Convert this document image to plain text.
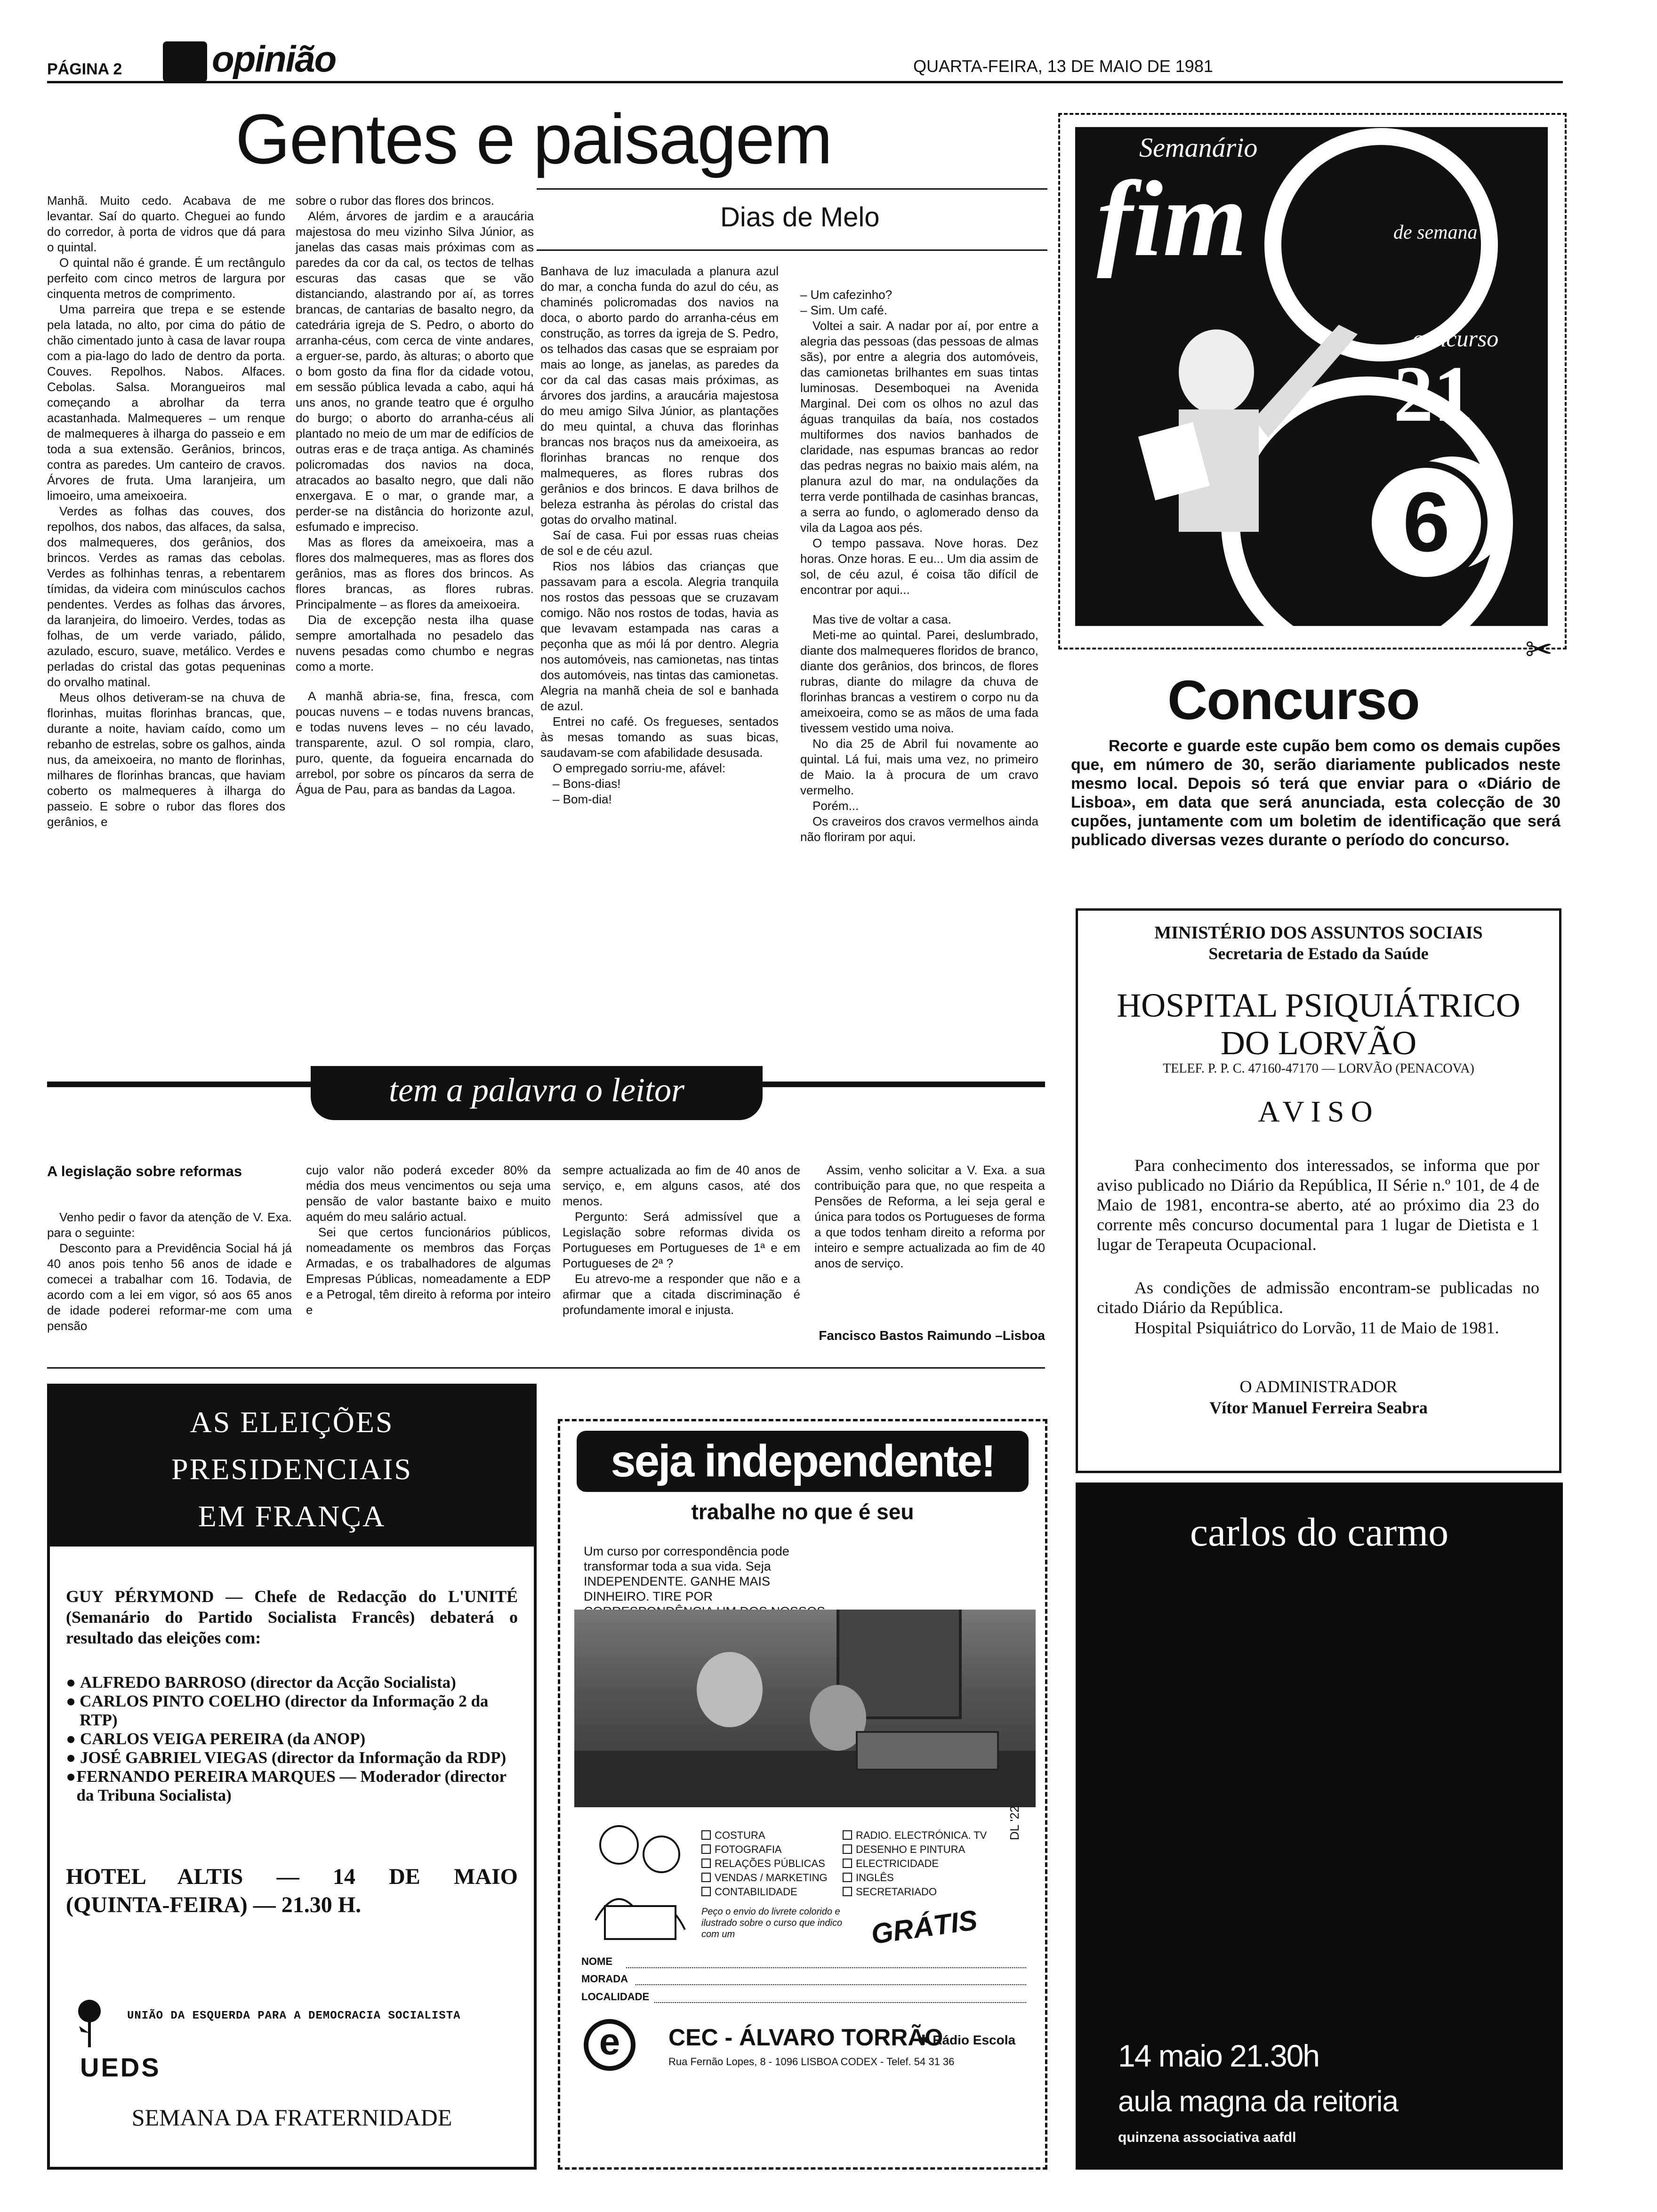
PÁGINA 2 opinião	QUARTA-FEIRA, 13 DE MAIO DE 1981
Gentes e paisagem
Dias de Melo

Manhã. Muito cedo. Acabava de me levantar. Saí do quarto. Cheguei ao fundo do corredor, à porta de vidros que dá para o quintal.

O quintal não é grande. É um rectângulo perfeito com cinco metros de largura por cinquenta metros de comprimento.

Uma parreira que trepa e se estende pela latada, no alto, por cima do pátio de chão cimentado junto à casa de lavar roupa com a pia-lago do lado de dentro da porta. Couves. Repolhos. Nabos. Alfaces. Cebolas. Salsa. Morangueiros mal começando a abrolhar da terra acastanhada. Malmequeres – um renque de malmequeres à ilharga do passeio e em toda a sua extensão. Gerânios, brincos, contra as paredes. Um canteiro de cravos. Árvores de fruta. Uma laranjeira, um limoeiro, uma ameixoeira.

Verdes as folhas das couves, dos repolhos, dos nabos, das alfaces, da salsa, dos malmequeres, dos gerânios, dos brincos. Verdes as ramas das cebolas. Verdes as folhinhas tenras, a rebentarem tímidas, da videira com minúsculos cachos pendentes. Verdes as folhas das árvores, da laranjeira, do limoeiro. Verdes, todas as folhas, de um verde variado, pálido, azulado, escuro, suave, metálico. Verdes e perladas do cristal das gotas pequeninas do orvalho matinal.

Meus olhos detiveram-se na chuva de florinhas, muitas florinhas brancas, que, durante a noite, haviam caído, como um rebanho de estrelas, sobre os galhos, ainda nus, da ameixoeira, no manto de florinhas, milhares de florinhas brancas, que haviam coberto os malmequeres à ilharga do passeio. E sobre o rubor das flores dos gerânios, e

sobre o rubor das flores dos brincos.

Além, árvores de jardim e a araucária majestosa do meu vizinho Silva Júnior, as janelas das casas mais próximas com as paredes da cor da cal, os tectos de telhas escuras das casas que se vão distanciando, alastrando por aí, as torres brancas, de cantarias de basalto negro, da catedrária igreja de S. Pedro, o aborto do arranha-céus, com cerca de vinte andares, a erguer-se, pardo, às alturas; o aborto que o bom gosto da fina flor da cidade votou, em sessão pública levada a cabo, aqui há uns anos, no grande teatro que é orgulho do burgo; o aborto do arranha-céus ali plantado no meio de um mar de edifícios de outras eras e de traça antiga. As chaminés policromadas dos navios na doca, atracados ao basalto negro, que dali não enxergava. E o mar, o grande mar, a perder-se na distância do horizonte azul, esfumado e impreciso.

Mas as flores da ameixoeira, mas a flores dos malmequeres, mas as flores dos gerânios, mas as flores dos brincos. As flores brancas, as flores rubras. Principalmente – as flores da ameixoeira.

Dia de excepção nesta ilha quase sempre amortalhada no pesadelo das nuvens pesadas como chumbo e negras como a morte.

A manhã abria-se, fina, fresca, com poucas nuvens – e todas nuvens brancas, e todas nuvens leves – no céu lavado, transparente, azul. O sol rompia, claro, puro, quente, da fogueira encarnada do arrebol, por sobre os píncaros da serra de Água de Pau, para as bandas da Lagoa.

Banhava de luz imaculada a planura azul do mar, a concha funda do azul do céu, as chaminés policromadas dos navios na doca, o aborto pardo do arranha-céus em construção, as torres da igreja de S. Pedro, os telhados das casas que se espraiam por mais ao longe, as janelas, as paredes da cor da cal das casas mais próximas, as árvores dos jardins, a araucária majestosa do meu amigo Silva Júnior, as plantações do meu quintal, a chuva das florinhas brancas nos braços nus da ameixoeira, as florinhas brancas no renque dos malmequeres, as flores rubras dos gerânios e dos brincos. E dava brilhos de beleza estranha às pérolas do cristal das gotas do orvalho matinal.

Saí de casa. Fui por essas ruas cheias de sol e de céu azul.

Rios nos lábios das crianças que passavam para a escola. Alegria tranquila nos rostos das pessoas que se cruzavam comigo. Não nos rostos de todas, havia as que levavam estampada nas caras a peçonha que as mói lá por dentro. Alegria nos automóveis, nas camionetas, nas tintas dos automóveis, nas tintas das camionetas. Alegria na manhã cheia de sol e banhada de azul.

Entrei no café. Os fregueses, sentados às mesas tomando as suas bicas, saudavam-se com afabilidade desusada.

O empregado sorriu-me, afável:

– Bons-dias!

– Bom-dia!

– Um cafezinho?

– Sim. Um café.

Voltei a sair. A nadar por aí, por entre a alegria das pessoas (das pessoas de almas sãs), por entre a alegria dos automóveis, das camionetas brilhantes em suas tintas luminosas. Desemboquei na Avenida Marginal. Dei com os olhos no azul das águas tranquilas da baía, nos costados multiformes dos navios banhados de claridade, nas espumas brancas ao redor das pedras negras no baixio mais além, na planura azul do mar, na ondulações da terra verde pontilhada de casinhas brancas, a serra ao fundo, o aglomerado denso da vila da Lagoa aos pés.

O tempo passava. Nove horas. Dez horas. Onze horas. E eu... Um dia assim de sol, de céu azul, é coisa tão difícil de encontrar por aqui...

Mas tive de voltar a casa.

Meti-me ao quintal. Parei, deslumbrado, diante dos malmequeres floridos de branco, diante dos gerânios, dos brincos, de flores rubras, diante do milagre da chuva de florinhas brancas a vestirem o corpo nu da ameixoeira, como se as mãos de uma fada tivessem vestido uma noiva.

No dia 25 de Abril fui novamente ao quintal. Lá fui, mais uma vez, no primeiro de Maio. Ia à procura de um cravo vermelho.

Porém...

Os craveiros dos cravos vermelhos ainda não floriram por aqui.

tem a palavra o leitor
A legislação sobre reformas

Venho pedir o favor da atenção de V. Exa. para o seguinte:

Desconto para a Previdência Social há já 40 anos pois tenho 56 anos de idade e comecei a trabalhar com 16. Todavia, de acordo com a lei em vigor, só aos 65 anos de idade poderei reformar-me com uma pensão

cujo valor não poderá exceder 80% da média dos meus vencimentos ou seja uma pensão de valor bastante baixo e muito aquém do meu salário actual.

Sei que certos funcionários públicos, nomeadamente os membros das Forças Armadas, e os trabalhadores de algumas Empresas Públicas, nomeadamente a EDP e a Petrogal, têm direito à reforma por inteiro e

sempre actualizada ao fim de 40 anos de serviço, e, em alguns casos, até dos menos.

Pergunto: Será admissível que a Legislação sobre reformas divida os Portugueses em Portugueses de 1ª e em Portugueses de 2ª ?

Eu atrevo-me a responder que não e a afirmar que a citada discriminação é profundamente imoral e injusta.

Assim, venho solicitar a V. Exa. a sua contribuição para que, no que respeita a Pensões de Reforma, a lei seja geral e única para todos os Portugueses de forma a que todos tenham direito a reforma por inteiro e sempre actualizada ao fim de 40 anos de serviço.

Fancisco Bastos Raimundo –Lisboa
Semanário
fim	de semana
concurso
21
6
✂
Concurso
Recorte e guarde este cupão bem como os demais cupões que, em número de 30, serão diariamente publicados neste mesmo local. Depois só terá que enviar para o «Diário de Lisboa», em data que será anunciada, esta colecção de 30 cupões, juntamente com um boletim de identificação que será publicado diversas vezes durante o período do concurso.
MINISTÉRIO DOS ASSUNTOS SOCIAIS
Secretaria de Estado da Saúde
HOSPITAL PSIQUIÁTRICO
DO LORVÃO
TELEF. P. P. C. 47160-47170 — LORVÃO (PENACOVA)
AVISO
Para conhecimento dos interessados, se informa que por aviso publicado no Diário da República, II Série n.º 101, de 4 de Maio de 1981, encontra-se aberto, até ao próximo dia 23 do corrente mês concurso documental para 1 lugar de Dietista e 1 lugar de Terapeuta Ocupacional.
As condições de admissão encontram-se publicadas no citado Diário da República.
Hospital Psiquiátrico do Lorvão, 11 de Maio de 1981.
O ADMINISTRADOR
Vítor Manuel Ferreira Seabra
AS ELEIÇÕES
PRESIDENCIAIS
EM FRANÇA
GUY PÉRYMOND — Chefe de Redacção do L'UNITÉ (Semanário do Partido Socialista Francês) debaterá o resultado das eleições com:
● ALFREDO BARROSO (director da Acção Socialista)
● CARLOS PINTO COELHO (director da Informação 2 da RTP)
● CARLOS VEIGA PEREIRA (da ANOP)
● JOSÉ GABRIEL VIEGAS (director da Informação da RDP)
● FERNANDO PEREIRA MARQUES — Moderador (director da Tribuna Socialista)
HOTEL ALTIS — 14 DE MAIO
(QUINTA-FEIRA) — 21.30 H.
UNIÃO DA ESQUERDA PARA A DEMOCRACIA SOCIALISTA
UEDS
SEMANA DA FRATERNIDADE
seja independente!
trabalhe no que é seu
Um curso por correspondência pode transformar toda a sua vida. Seja INDEPENDENTE. GANHE MAIS DINHEIRO. TIRE POR
COSTURA
FOTOGRAFIA
RELAÇÕES PÚBLICAS
VENDAS / MARKETING
CONTABILIDADE
RADIO. ELECTRÓNICA. TV
DESENHO E PINTURA
ELECTRICIDADE
INGLÊS
SECRETARIADO
DL '22
Peço o envio do livrete colorido e ilustrado sobre o curso que indico com um	GRÁTIS
NOME
MORADA
LOCALIDADE
e	CEC - ÁLVARO TORRÃO
✱ Rádio Escola
Rua Fernão Lopes, 8 - 1096 LISBOA CODEX - Telef. 54 31 36
carlos do carmo
14 maio 21.30h
aula magna da reitoria
quinzena associativa aafdl
